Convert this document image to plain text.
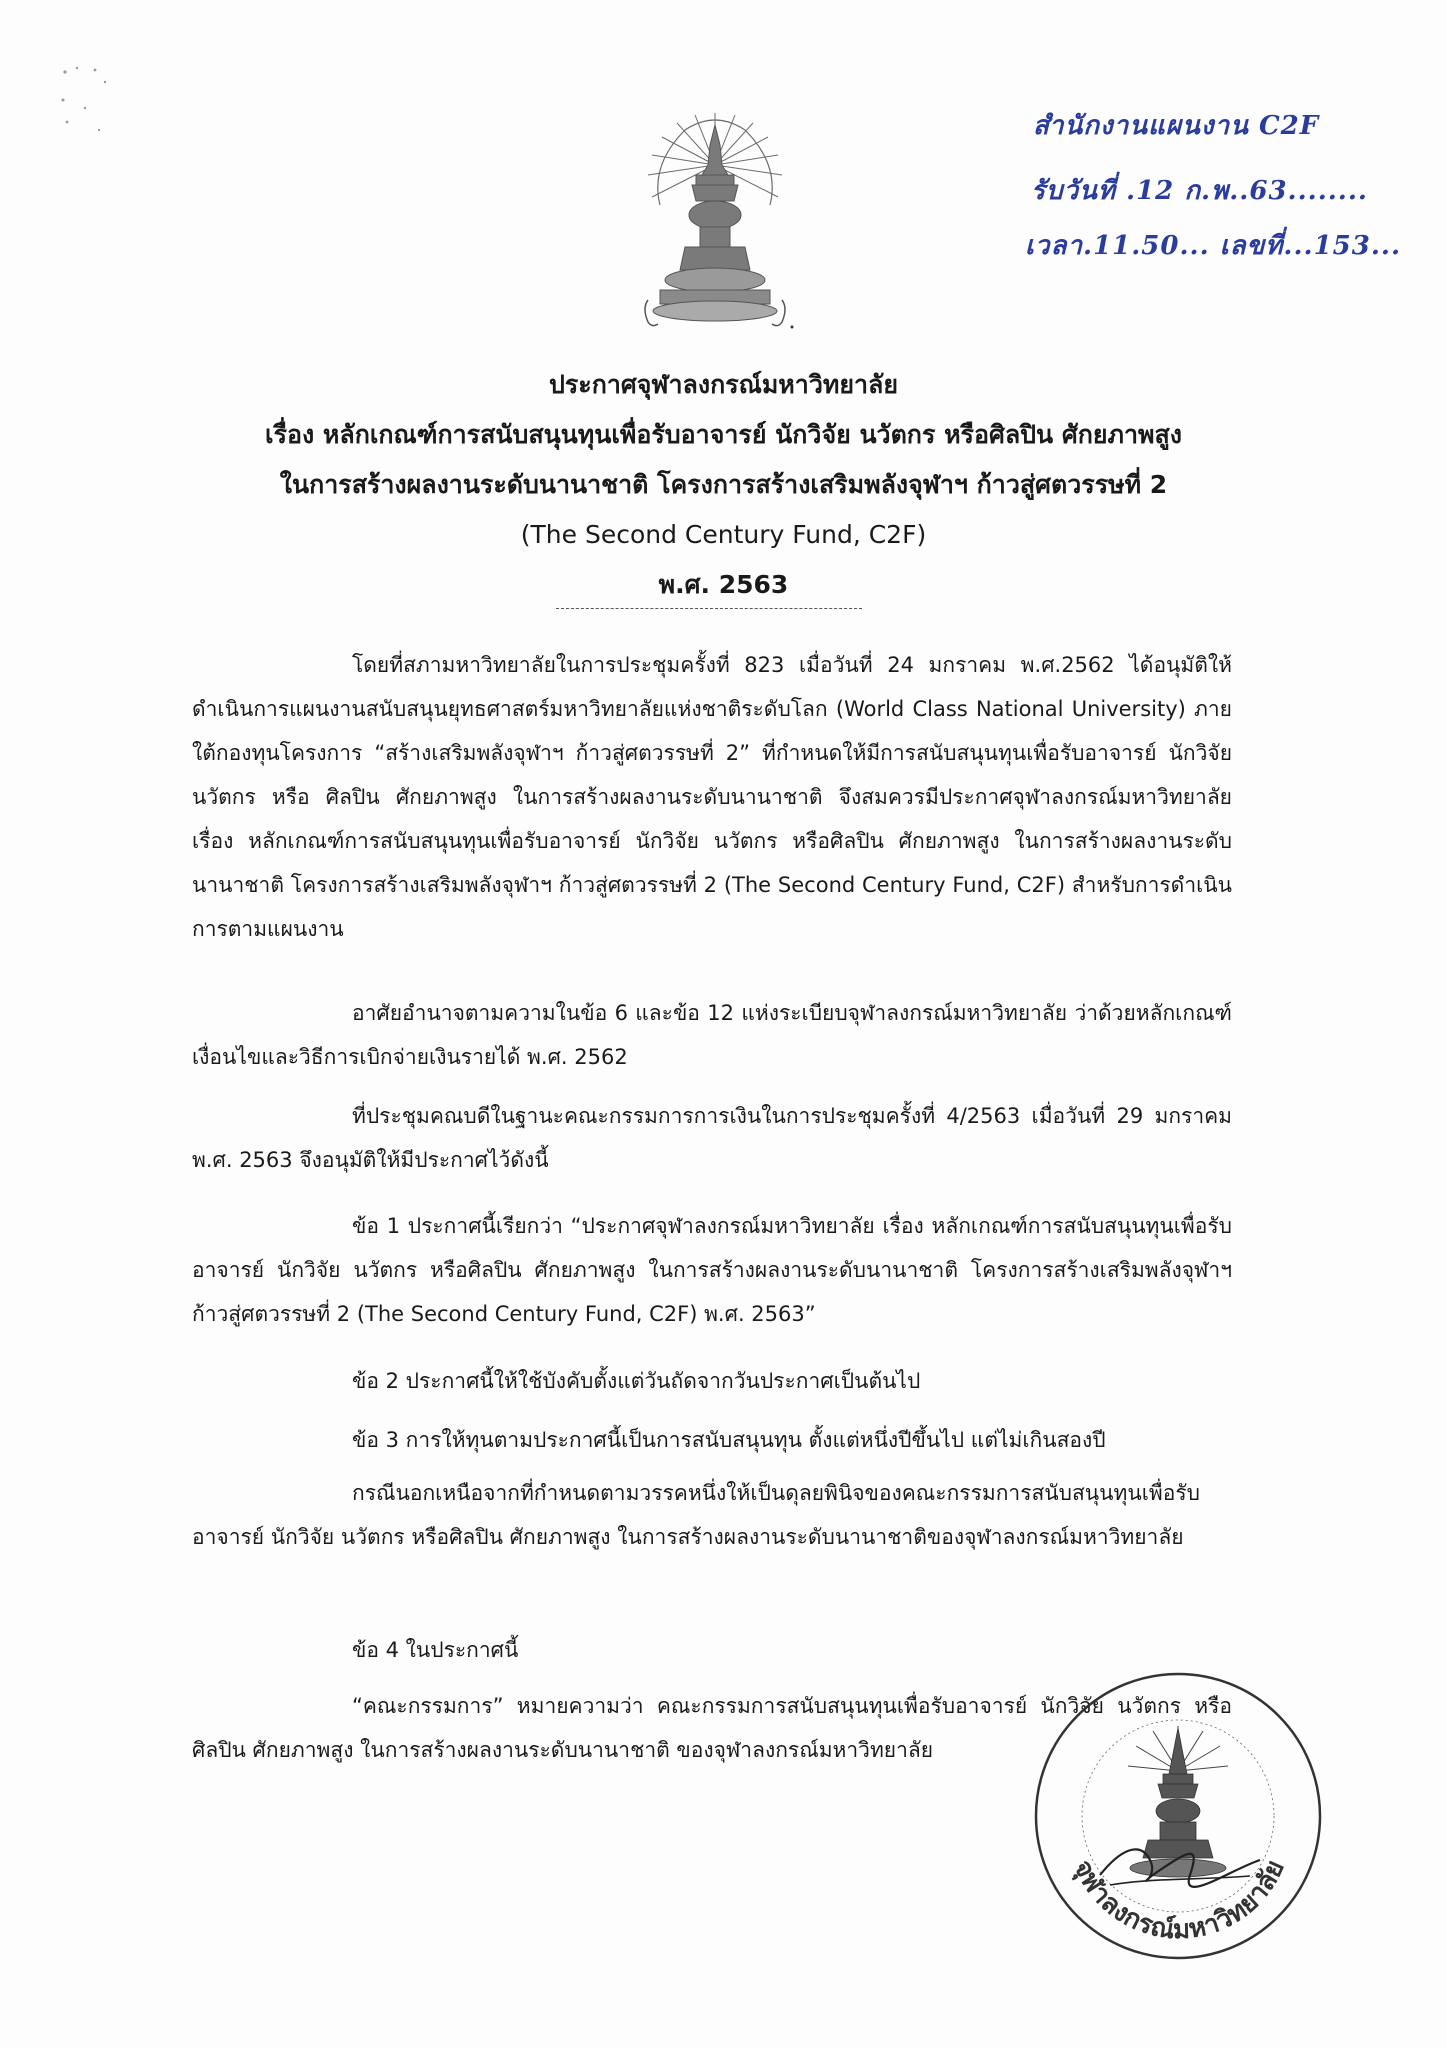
สำนักงานแผนงาน C2F
รับวันที่ .12 ก.พ..63........
เวลา.11.50... เลขที่...153...
ประกาศจุฬาลงกรณ์มหาวิทยาลัย
เรื่อง หลักเกณฑ์การสนับสนุนทุนเพื่อรับอาจารย์ นักวิจัย นวัตกร หรือศิลปิน ศักยภาพสูง
ในการสร้างผลงานระดับนานาชาติ โครงการสร้างเสริมพลังจุฬาฯ ก้าวสู่ศตวรรษที่ 2
(The Second Century Fund, C2F)
พ.ศ. 2563

โดยที่สภามหาวิทยาลัยในการประชุมครั้งที่ 823 เมื่อวันที่ 24 มกราคม พ.ศ.2562 ได้อนุมัติให้ดำเนินการแผนงานสนับสนุนยุทธศาสตร์มหาวิทยาลัยแห่งชาติระดับโลก (World Class National University) ภายใต้กองทุนโครงการ “สร้างเสริมพลังจุฬาฯ ก้าวสู่ศตวรรษที่ 2” ที่กำหนดให้มีการสนับสนุนทุนเพื่อรับอาจารย์ นักวิจัย นวัตกร หรือ ศิลปิน ศักยภาพสูง ในการสร้างผลงานระดับนานาชาติ จึงสมควรมีประกาศจุฬาลงกรณ์มหาวิทยาลัย เรื่อง หลักเกณฑ์การสนับสนุนทุนเพื่อรับอาจารย์ นักวิจัย นวัตกร หรือศิลปิน ศักยภาพสูง ในการสร้างผลงานระดับนานาชาติ โครงการสร้างเสริมพลังจุฬาฯ ก้าวสู่ศตวรรษที่ 2 (The Second Century Fund, C2F) สำหรับการดำเนินการตามแผนงาน

อาศัยอำนาจตามความในข้อ 6 และข้อ 12 แห่งระเบียบจุฬาลงกรณ์มหาวิทยาลัย ว่าด้วยหลักเกณฑ์ เงื่อนไขและวิธีการเบิกจ่ายเงินรายได้ พ.ศ. 2562

ที่ประชุมคณบดีในฐานะคณะกรรมการการเงินในการประชุมครั้งที่ 4/2563 เมื่อวันที่ 29 มกราคม พ.ศ. 2563 จึงอนุมัติให้มีประกาศไว้ดังนี้

ข้อ 1 ประกาศนี้เรียกว่า “ประกาศจุฬาลงกรณ์มหาวิทยาลัย เรื่อง หลักเกณฑ์การสนับสนุนทุนเพื่อรับอาจารย์ นักวิจัย นวัตกร หรือศิลปิน ศักยภาพสูง ในการสร้างผลงานระดับนานาชาติ โครงการสร้างเสริมพลังจุฬาฯ ก้าวสู่ศตวรรษที่ 2 (The Second Century Fund, C2F) พ.ศ. 2563”

ข้อ 2 ประกาศนี้ให้ใช้บังคับตั้งแต่วันถัดจากวันประกาศเป็นต้นไป

ข้อ 3 การให้ทุนตามประกาศนี้เป็นการสนับสนุนทุน ตั้งแต่หนึ่งปีขึ้นไป แต่ไม่เกินสองปี

กรณีนอกเหนือจากที่กำหนดตามวรรคหนึ่งให้เป็นดุลยพินิจของคณะกรรมการสนับสนุนทุนเพื่อรับอาจารย์ นักวิจัย นวัตกร หรือศิลปิน ศักยภาพสูง ในการสร้างผลงานระดับนานาชาติของจุฬาลงกรณ์มหาวิทยาลัย

ข้อ 4 ในประกาศนี้

“คณะกรรมการ” หมายความว่า คณะกรรมการสนับสนุนทุนเพื่อรับอาจารย์ นักวิจัย นวัตกร หรือศิลปิน ศักยภาพสูง ในการสร้างผลงานระดับนานาชาติ ของจุฬาลงกรณ์มหาวิทยาลัย

จุฬาลงกรณ์มหาวิทยาลัย
